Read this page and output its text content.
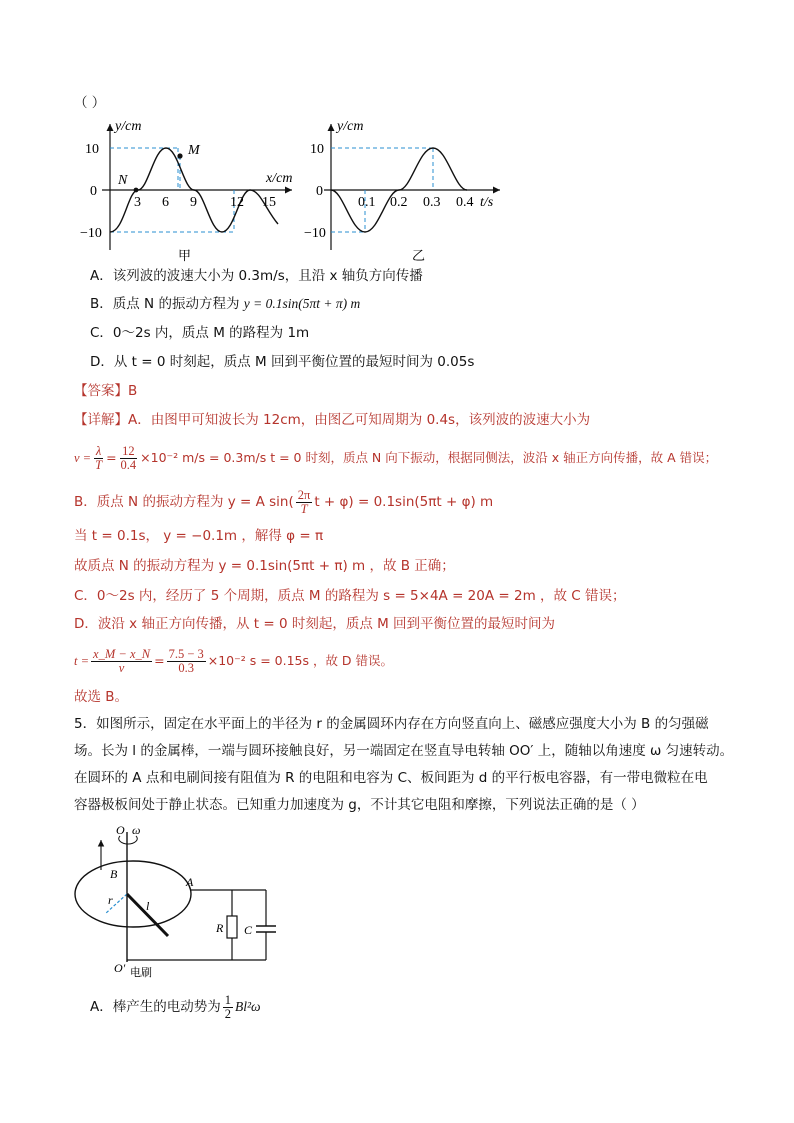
（ ）
y/cm
x/cm
N
M
10
0
−10
3 6 9 12 15
甲
y/cm
t/s
10
0
−10
0.1 0.2 0.3 0.4
乙
A．该列波的波速大小为 0.3m/s，且沿 x 轴负方向传播
B．质点 N 的振动方程为 y = 0.1sin(5πt + π) m
C．0～2s 内，质点 M 的路程为 1m
D．从 t = 0 时刻起，质点 M 回到平衡位置的最短时间为 0.05s
【答案】B
【详解】A．由图甲可知波长为 12cm，由图乙可知周期为 0.4s，该列波的波速大小为
$v = \frac{\lambda}{T} = \frac{12}{0.4} \times 10^{-2}$ m/s = 0.3m/s t = 0 时刻，质点 N 向下振动，根据同侧法，波沿 x 轴正方向传播，故 A 错误；
B．质点 N 的振动方程为 y = A $\sin( \frac{2\pi}{T}$ t + φ) = 0.1sin(5πt + φ) m
当 t = 0.1s， y = −0.1m ，解得 φ = π
故质点 N 的振动方程为 y = 0.1sin(5πt + π) m ，故 B 正确；
C．0～2s 内，经历了 5 个周期，质点 M 的路程为 s = 5×4A = 20A = 2m ，故 C 错误；
D．波沿 x 轴正方向传播，从 t = 0 时刻起，质点 M 回到平衡位置的最短时间为
$t = \frac{x\_M - x\_N}{v} = \frac{7.5 - 3}{0.3} \times 10^{-2}$ s = 0.15s ，故 D 错误。
故选 B。
5．如图所示，固定在水平面上的半径为 r 的金属圆环内存在方向竖直向上、磁感应强度大小为 B 的匀强磁
场。长为 l 的金属棒，一端与圆环接触良好，另一端固定在竖直导电转轴 OO′ 上，随轴以角速度 ω 匀速转动。
在圆环的 A 点和电刷间接有阻值为 R 的电阻和电容为 C、板间距为 d 的平行板电容器，有一带电微粒在电
容器极板间处于静止状态。已知重力加速度为 g，不计其它电阻和摩擦，下列说法正确的是（ ）
O ω
B
A
r	l
R C
O′ 电刷
A．棒产生的电动势为 $\frac{1}{2} Bl^2\omega$
